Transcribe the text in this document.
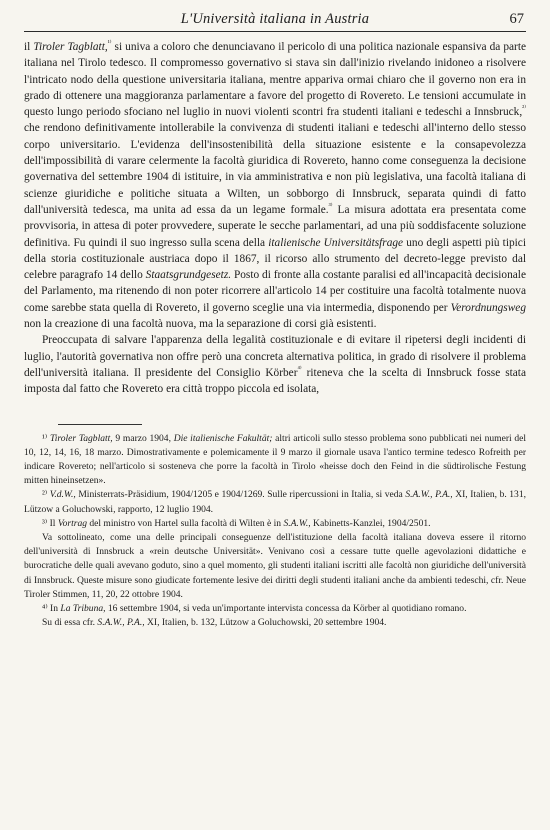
L'Università italiana in Austria	67

il Tiroler Tagblatt,$^{^{1)}}$ si univa a coloro che denunciavano il pericolo di una politica nazionale espansiva da parte italiana nel Tirolo tedesco. Il compromesso governativo si stava sin dall'inizio rivelando inidoneo a risolvere l'intricato nodo della questione universitaria italiana, mentre appariva ormai chiaro che il governo non era in grado di ottenere una maggioranza parlamentare a favore del progetto di Rovereto. Le tensioni accumulate in questo lungo periodo sfociano nel luglio in nuovi violenti scontri fra studenti italiani e tedeschi a Innsbruck,$^{^{2)}}$ che rendono definitivamente intollerabile la convivenza di studenti italiani e tedeschi all'interno dello stesso corpo universitario. L'evidenza dell'insostenibilità della situazione esistente e la consapevolezza dell'impossibilità di varare celermente la facoltà giuridica di Rovereto, hanno come conseguenza la decisione governativa del settembre 1904 di istituire, in via amministrativa e non più legislativa, una facoltà italiana di scienze giuridiche e politiche situata a Wilten, un sobborgo di Innsbruck, separata quindi di fatto dall'università tedesca, ma unita ad essa da un legame formale.$^{^{3)}}$ La misura adottata era presentata come provvisoria, in attesa di poter provvedere, superate le secche parlamentari, ad una più soddisfacente soluzione definitiva. Fu quindi il suo ingresso sulla scena della italienische Universitätsfrage uno degli aspetti più tipici della storia costituzionale austriaca dopo il 1867, il ricorso allo strumento del decreto-legge previsto dal celebre paragrafo 14 dello Staatsgrundgesetz. Posto di fronte alla costante paralisi ed all'incapacità decisionale del Parlamento, ma ritenendo di non poter ricorrere all'articolo 14 per costituire una facoltà totalmente nuova come sarebbe stata quella di Rovereto, il governo sceglie una via intermedia, disponendo per Verordnungsweg non la creazione di una facoltà nuova, ma la separazione di corsi già esistenti.

Preoccupata di salvare l'apparenza della legalità costituzionale e di evitare il ripetersi degli incidenti di luglio, l'autorità governativa non offre però una concreta alternativa politica, in grado di risolvere il problema dell'università italiana. Il presidente del Consiglio Körber$^{^{4)}}$ riteneva che la scelta di Innsbruck fosse stata imposta dal fatto che Rovereto era città troppo piccola ed isolata,

¹⁾ Tiroler Tagblatt, 9 marzo 1904, Die italienische Fakultät; altri articoli sullo stesso problema sono pubblicati nei numeri del 10, 12, 14, 16, 18 marzo. Dimostrativamente e polemicamente il 9 marzo il giornale usava l'antico termine tedesco Rofreith per indicare Rovereto; nell'articolo si sosteneva che porre la facoltà in Tirolo «heisse doch den Feind in die südtirolische Festung mitten hineinsetzen».

²⁾ V.d.W., Ministerrats-Präsidium, 1904/1205 e 1904/1269. Sulle ripercussioni in Italia, si veda S.A.W., P.A., XI, Italien, b. 131, Lützow a Goluchowski, rapporto, 12 luglio 1904.

³⁾ Il Vortrag del ministro von Hartel sulla facoltà di Wilten è in S.A.W., Kabinetts-Kanzlei, 1904/2501.

Va sottolineato, come una delle principali conseguenze dell'istituzione della facoltà italiana doveva essere il ritorno dell'università di Innsbruck a «rein deutsche Universität». Venivano così a cessare tutte quelle agevolazioni didattiche e burocratiche delle quali avevano goduto, sino a quel momento, gli studenti italiani iscritti alle facoltà non giuridiche dell'università di Innsbruck. Queste misure sono giudicate fortemente lesive dei diritti degli studenti italiani anche da ambienti tedeschi, cfr. Neue Tiroler Stimmen, 11, 20, 22 ottobre 1904.

⁴⁾ In La Tribuna, 16 settembre 1904, si veda un'importante intervista concessa da Körber al quotidiano romano.

Su di essa cfr. S.A.W., P.A., XI, Italien, b. 132, Lützow a Goluchowski, 20 settembre 1904.
